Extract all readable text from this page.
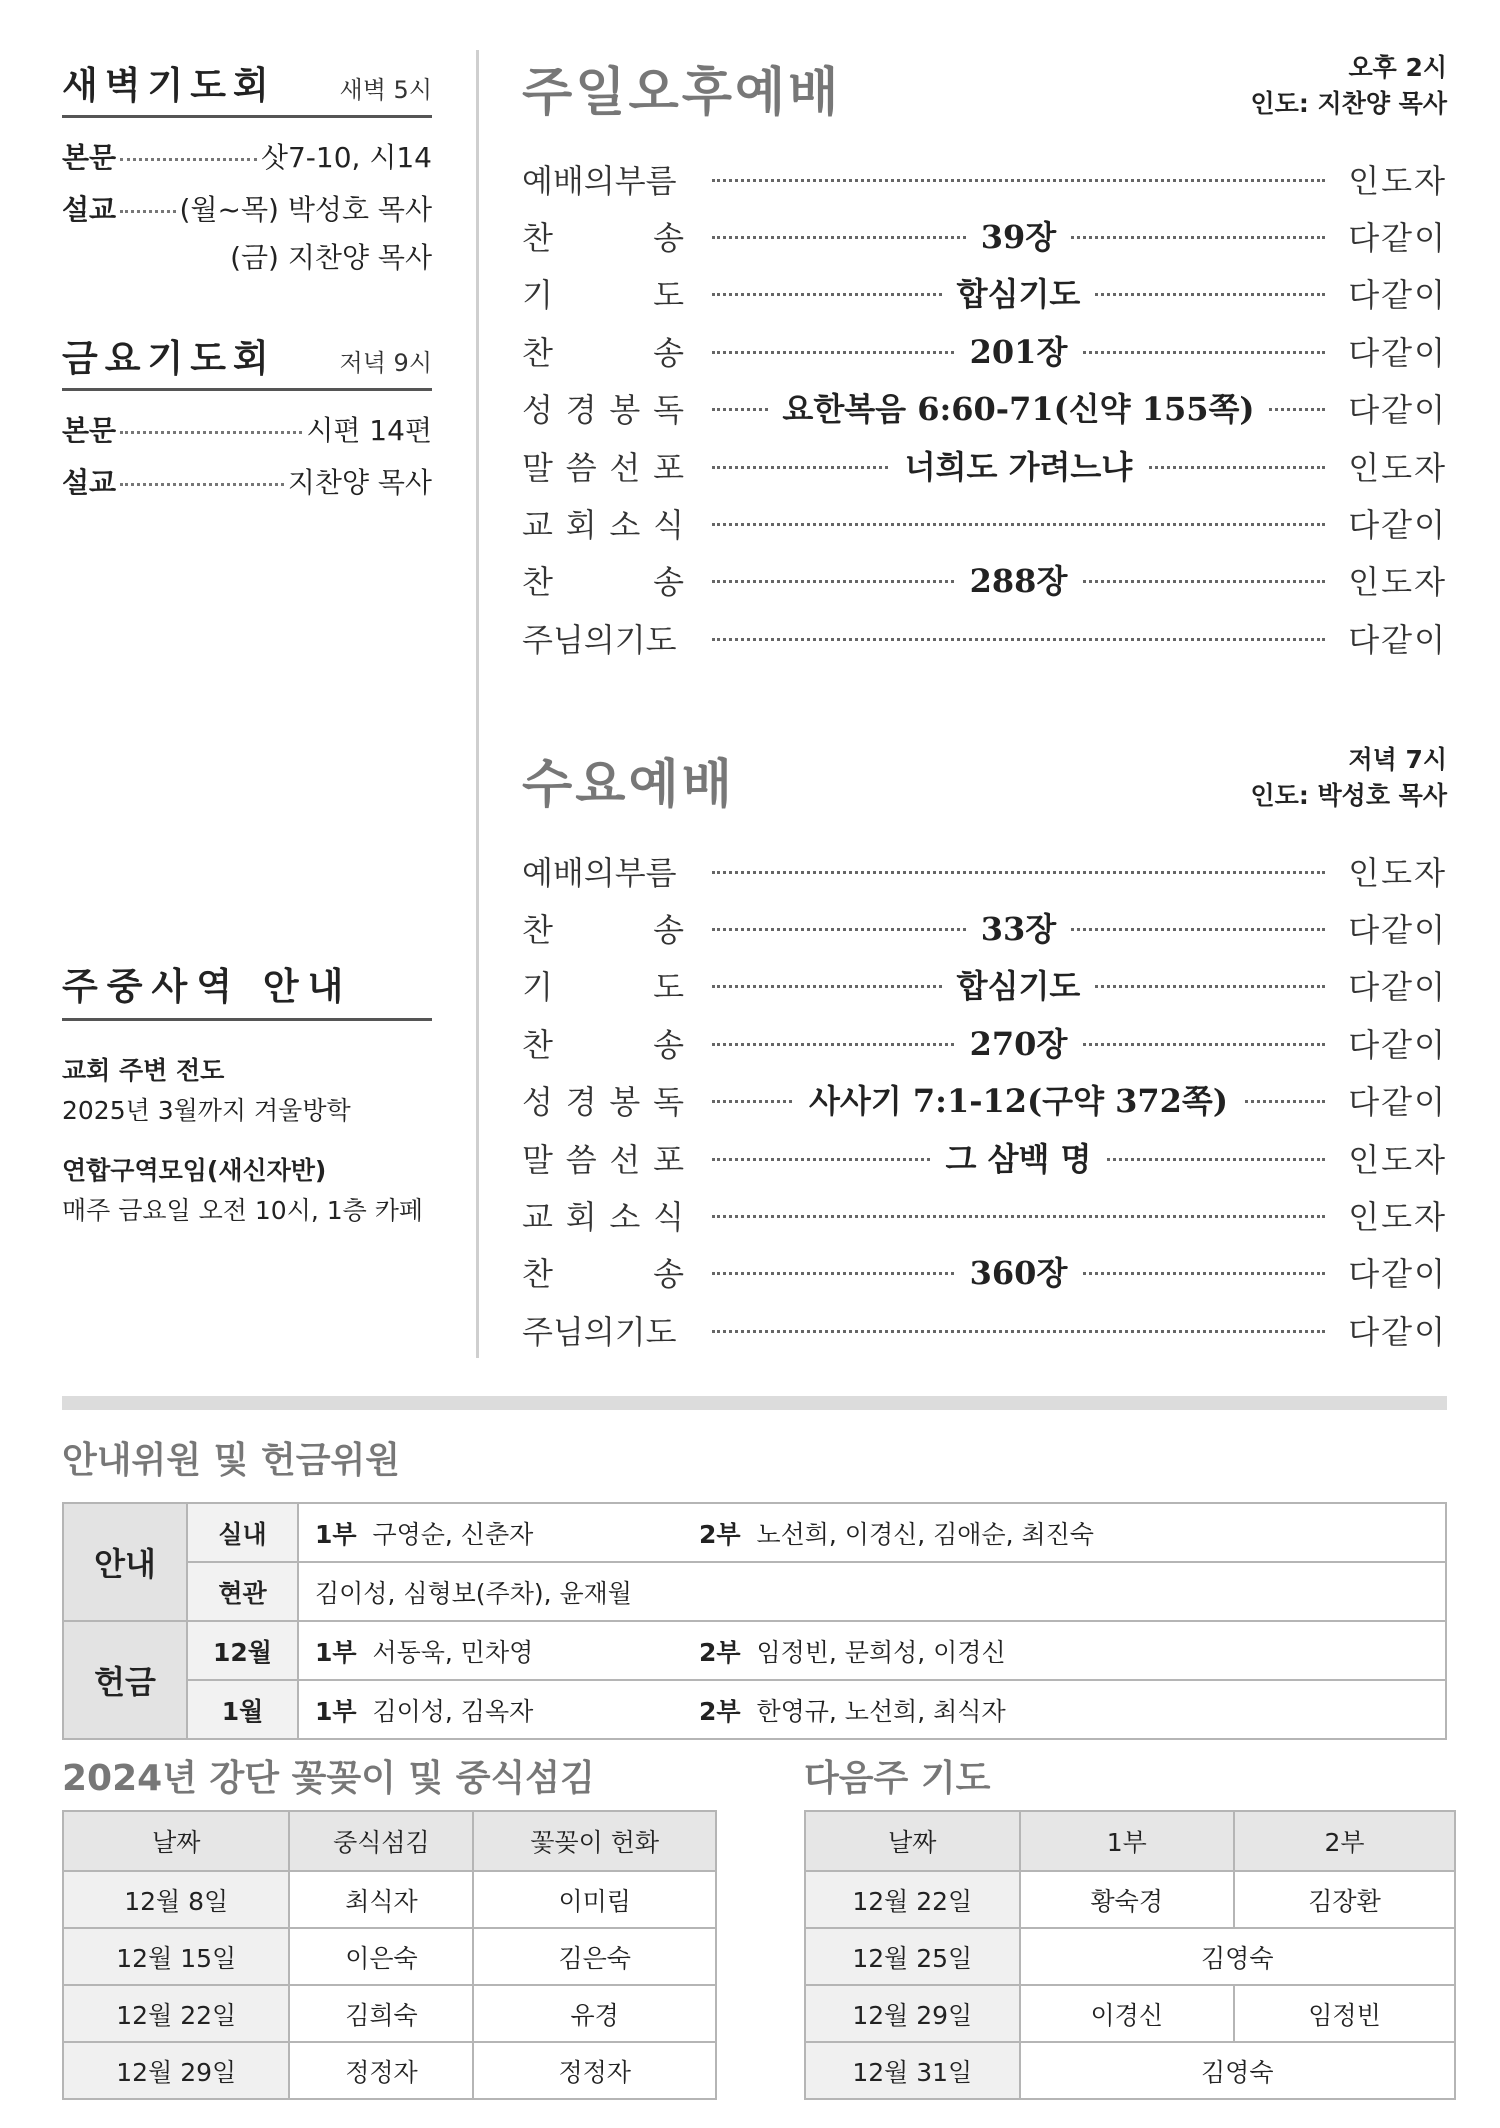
새벽기도회	새벽 5시
본문	삿7-10, 시14
설교 (월~목) 박성호 목사
(금) 지찬양 목사
금요기도회	저녁 9시
본문	시편 14편
설교	지찬양 목사
주중사역 안내
교회 주변 전도
2025년 3월까지 겨울방학
연합구역모임(새신자반)
매주 금요일 오전 10시, 1층 카페
주일오후예배	오후 2시
인도: 지찬양 목사
예배의부름	인도자
찬	송	39장	다같이
기	도	합심기도	다같이
찬	송	201장	다같이
성 경 봉 독	요한복음 6:60-71(신약 155쪽)	다같이
말 씀 선 포	너희도 가려느냐	인도자
교 회 소 식	다같이
찬	송	288장	인도자
주님의기도	다같이
수요예배	저녁 7시
인도: 박성호 목사
예배의부름	인도자
찬	송	33장	다같이
기	도	합심기도	다같이
찬	송	270장	다같이
성 경 봉 독	사사기 7:1-12(구약 372쪽)	다같이
말 씀 선 포	그 삼백 명	인도자
교 회 소 식	인도자
찬	송	360장	다같이
주님의기도	다같이
안내위원 및 헌금위원
안내	실내	1부 구영순, 신춘자 2부 노선희, 이경신, 김애순, 최진숙
	현관	김이성, 심형보(주차), 윤재월
헌금	12월	1부 서동욱, 민차영 2부 임정빈, 문희성, 이경신
	1월	1부 김이성, 김옥자 2부 한영규, 노선희, 최식자
2024년 강단 꽃꽂이 및 중식섬김
날짜	중식섬김	꽃꽂이 헌화
12월 8일	최식자	이미림
12월 15일	이은숙	김은숙
12월 22일	김희숙	유경
12월 29일	정정자	정정자
다음주 기도
날짜	1부	2부
12월 22일	황숙경	김장환
12월 25일	김영숙	
12월 29일	이경신	임정빈
12월 31일	김영숙	
